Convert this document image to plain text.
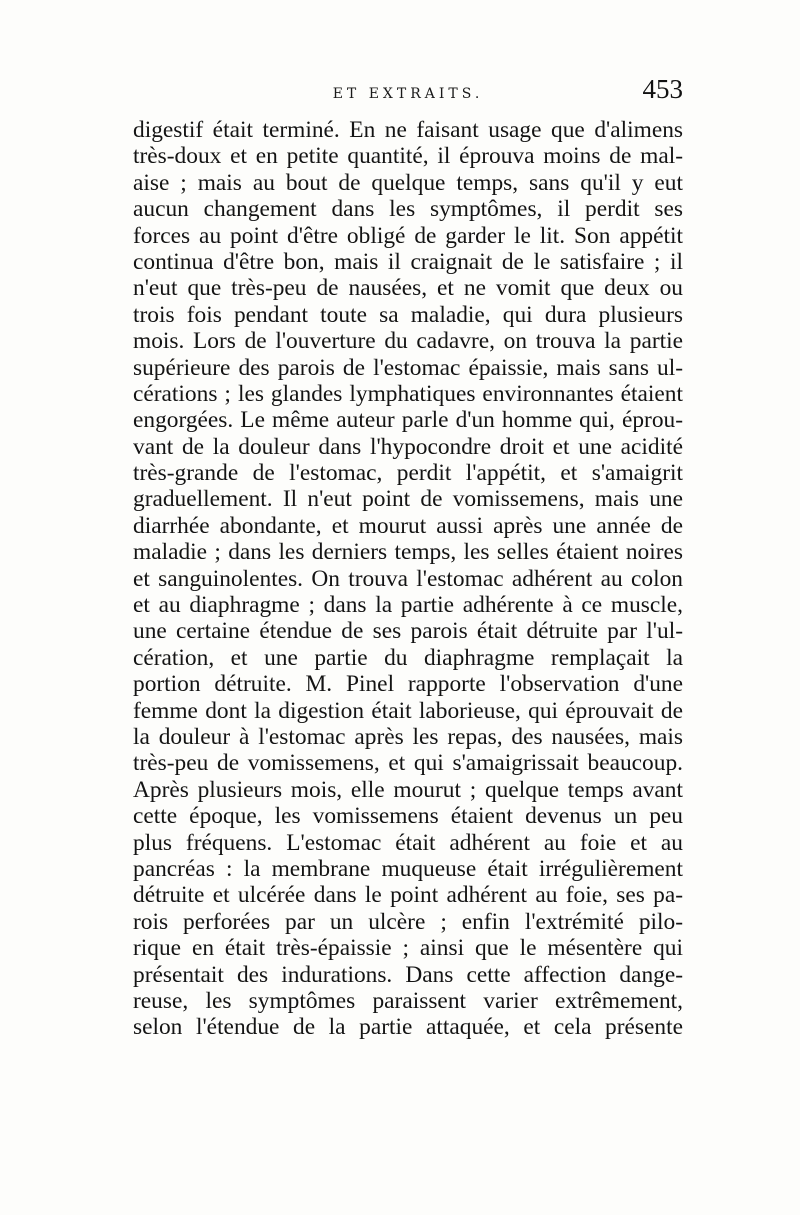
ET EXTRAITS.	453
digestif était terminé. En ne faisant usage que d'alimens
très-doux et en petite quantité, il éprouva moins de mal-
aise ; mais au bout de quelque temps, sans qu'il y eut
aucun changement dans les symptômes, il perdit ses
forces au point d'être obligé de garder le lit. Son appétit
continua d'être bon, mais il craignait de le satisfaire ; il
n'eut que très-peu de nausées, et ne vomit que deux ou
trois fois pendant toute sa maladie, qui dura plusieurs
mois. Lors de l'ouverture du cadavre, on trouva la partie
supérieure des parois de l'estomac épaissie, mais sans ul-
cérations ; les glandes lymphatiques environnantes étaient
engorgées. Le même auteur parle d'un homme qui, éprou-
vant de la douleur dans l'hypocondre droit et une acidité
très-grande de l'estomac, perdit l'appétit, et s'amaigrit
graduellement. Il n'eut point de vomissemens, mais une
diarrhée abondante, et mourut aussi après une année de
maladie ; dans les derniers temps, les selles étaient noires
et sanguinolentes. On trouva l'estomac adhérent au colon
et au diaphragme ; dans la partie adhérente à ce muscle,
une certaine étendue de ses parois était détruite par l'ul-
cération, et une partie du diaphragme remplaçait la
portion détruite. M. Pinel rapporte l'observation d'une
femme dont la digestion était laborieuse, qui éprouvait de
la douleur à l'estomac après les repas, des nausées, mais
très-peu de vomissemens, et qui s'amaigrissait beaucoup.
Après plusieurs mois, elle mourut ; quelque temps avant
cette époque, les vomissemens étaient devenus un peu
plus fréquens. L'estomac était adhérent au foie et au
pancréas : la membrane muqueuse était irrégulièrement
détruite et ulcérée dans le point adhérent au foie, ses pa-
rois perforées par un ulcère ; enfin l'extrémité pilo-
rique en était très-épaissie ; ainsi que le mésentère qui
présentait des indurations. Dans cette affection dange-
reuse, les symptômes paraissent varier extrêmement,
selon l'étendue de la partie attaquée, et cela présente
